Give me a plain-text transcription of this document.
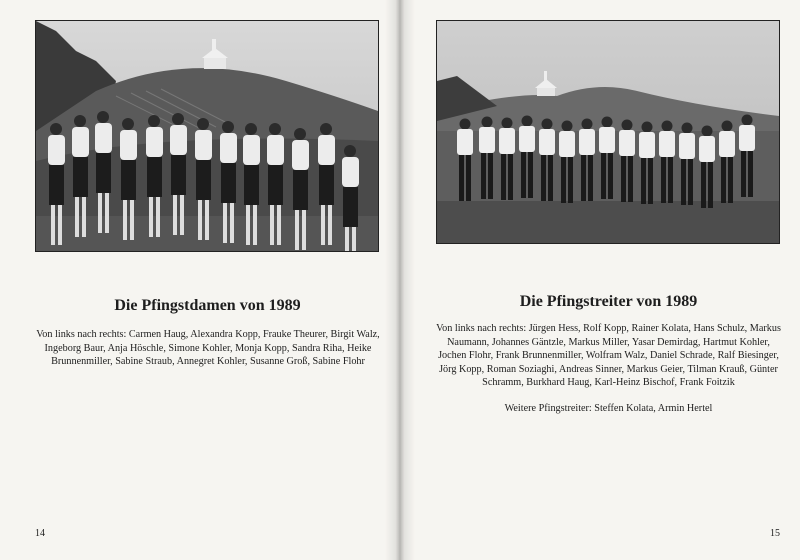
Die Pfingstdamen von 1989

Von links nach rechts: Carmen Haug, Alexandra Kopp, Frauke Theurer, Birgit Walz, Ingeborg Baur, Anja Höschle, Simone Kohler, Monja Kopp, Sandra Riha, Heike Brunnenmiller, Sabine Straub, Annegret Kohler, Susanne Groß, Sabine Flohr

14
Die Pfingstreiter von 1989

Von links nach rechts: Jürgen Hess, Rolf Kopp, Rainer Kolata, Hans Schulz, Markus Naumann, Johannes Gäntzle, Markus Miller, Yasar Demirdag, Hartmut Kohler, Jochen Flohr, Frank Brunnenmiller, Wolfram Walz, Daniel Schrade, Ralf Biesinger, Jörg Kopp, Roman Soziaghi, Andreas Sinner, Markus Geier, Tilman Krauß, Günter Schramm, Burkhard Haug, Karl-Heinz Bischof, Frank Foitzik

Weitere Pfingstreiter: Steffen Kolata, Armin Hertel
15
